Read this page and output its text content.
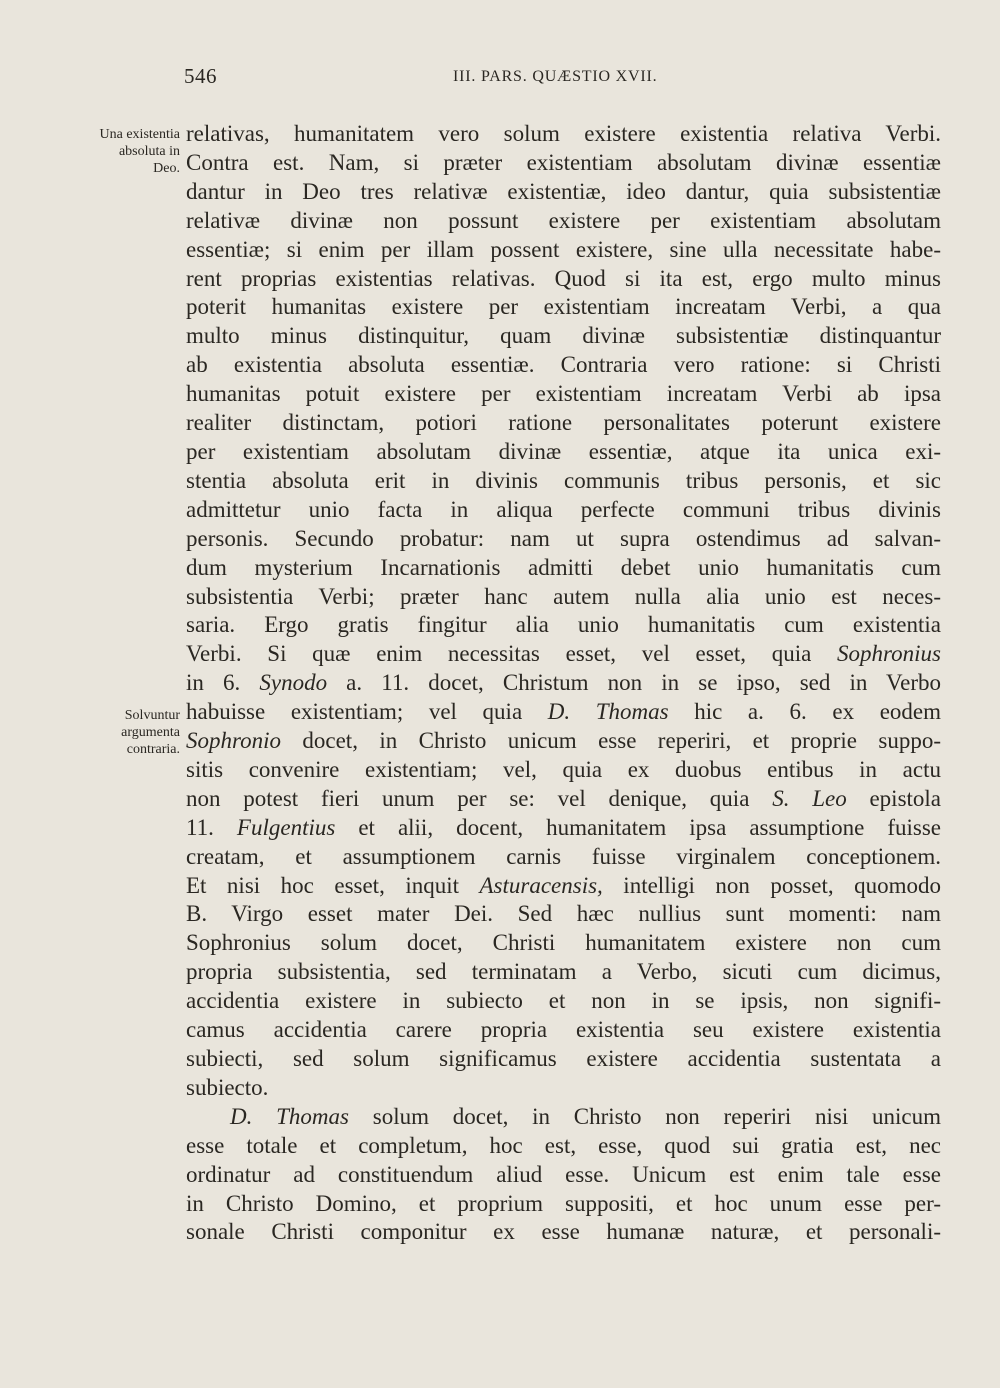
546	III. PARS. QUÆSTIO XVII.
Una existentia
absoluta in
Deo.
Solvuntur
argumenta
contraria.
relativas, humanitatem vero solum existere existentia relativa Verbi.
Contra est. Nam, si præter existentiam absolutam divinæ essentiæ
dantur in Deo tres relativæ existentiæ, ideo dantur, quia subsistentiæ
relativæ divinæ non possunt existere per existentiam absolutam
essentiæ; si enim per illam possent existere, sine ulla necessitate habe-
rent proprias existentias relativas. Quod si ita est, ergo multo minus
poterit humanitas existere per existentiam increatam Verbi, a qua
multo minus distinquitur, quam divinæ subsistentiæ distinquantur
ab existentia absoluta essentiæ. Contraria vero ratione: si Christi
humanitas potuit existere per existentiam increatam Verbi ab ipsa
realiter distinctam, potiori ratione personalitates poterunt existere
per existentiam absolutam divinæ essentiæ, atque ita unica exi-
stentia absoluta erit in divinis communis tribus personis, et sic
admittetur unio facta in aliqua perfecte communi tribus divinis
personis. Secundo probatur: nam ut supra ostendimus ad salvan-
dum mysterium Incarnationis admitti debet unio humanitatis cum
subsistentia Verbi; præter hanc autem nulla alia unio est neces-
saria. Ergo gratis fingitur alia unio humanitatis cum existentia
Verbi. Si quæ enim necessitas esset, vel esset, quia Sophronius
in 6. Synodo a. 11. docet, Christum non in se ipso, sed in Verbo
habuisse existentiam; vel quia D. Thomas hic a. 6. ex eodem
Sophronio docet, in Christo unicum esse reperiri, et proprie suppo-
sitis convenire existentiam; vel, quia ex duobus entibus in actu
non potest fieri unum per se: vel denique, quia S. Leo epistola
11. Fulgentius et alii, docent, humanitatem ipsa assumptione fuisse
creatam, et assumptionem carnis fuisse virginalem conceptionem.
Et nisi hoc esset, inquit Asturacensis, intelligi non posset, quomodo
B. Virgo esset mater Dei. Sed hæc nullius sunt momenti: nam
Sophronius solum docet, Christi humanitatem existere non cum
propria subsistentia, sed terminatam a Verbo, sicuti cum dicimus,
accidentia existere in subiecto et non in se ipsis, non signifi-
camus accidentia carere propria existentia seu existere existentia
subiecti, sed solum significamus existere accidentia sustentata a
subiecto.
D. Thomas solum docet, in Christo non reperiri nisi unicum
esse totale et completum, hoc est, esse, quod sui gratia est, nec
ordinatur ad constituendum aliud esse. Unicum est enim tale esse
in Christo Domino, et proprium suppositi, et hoc unum esse per-
sonale Christi componitur ex esse humanæ naturæ, et personali-
